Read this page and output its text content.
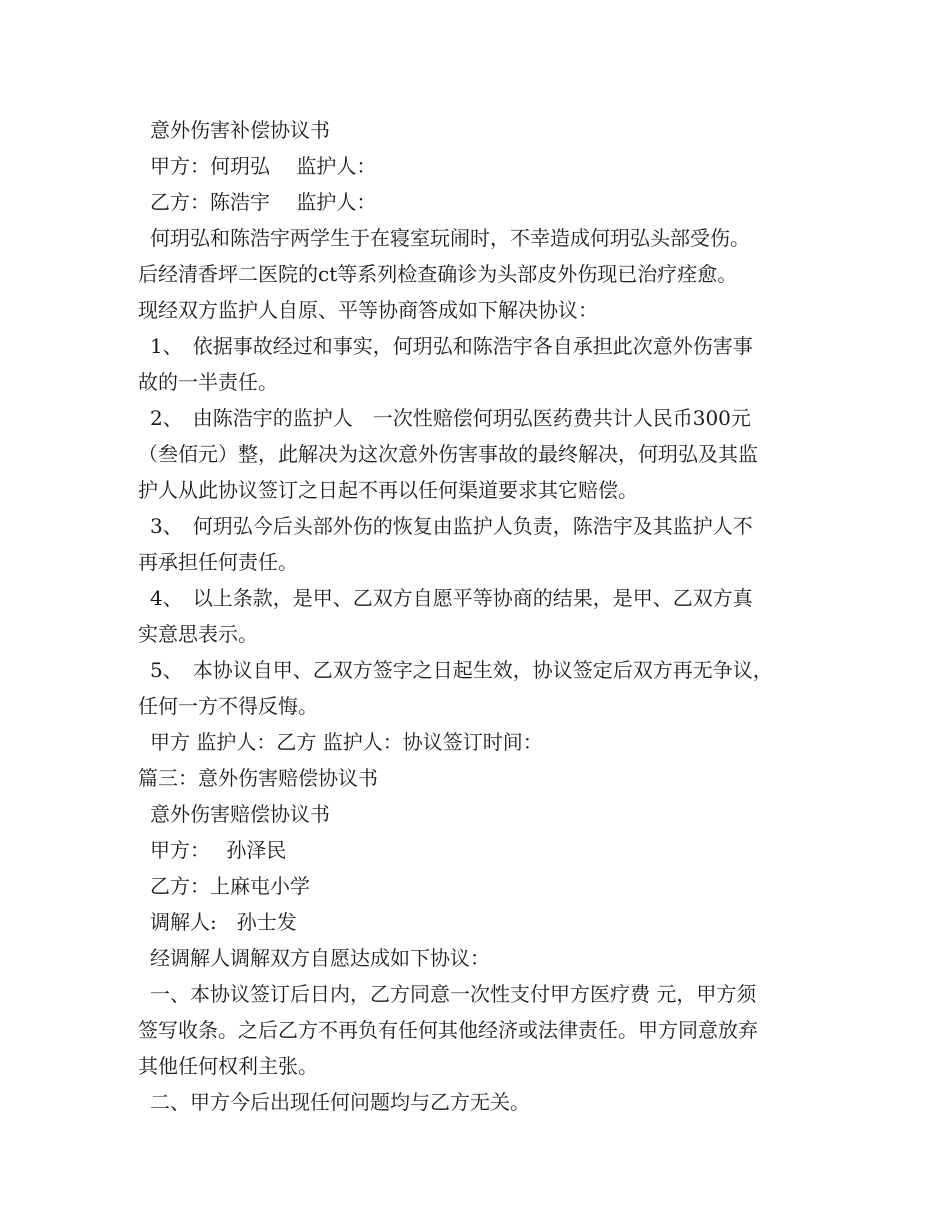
意外伤害补偿协议书
甲方：何玥弘　 监护人：
乙方：陈浩宇　 监护人：
何玥弘和陈浩宇两学生于在寝室玩闹时，不幸造成何玥弘头部受伤。
后经清香坪二医院的ct等系列检查确诊为头部皮外伤现已治疗痊愈。
现经双方监护人自原、平等协商答成如下解决协议：
1、　依据事故经过和事实，何玥弘和陈浩宇各自承担此次意外伤害事
故的一半责任。
2、　由陈浩宇的监护人　一次性赔偿何玥弘医药费共计人民币300元
（叁佰元）整，此解决为这次意外伤害事故的最终解决，何玥弘及其监
护人从此协议签订之日起不再以任何渠道要求其它赔偿。
3、　何玥弘今后头部外伤的恢复由监护人负责，陈浩宇及其监护人不
再承担任何责任。
4、　以上条款，是甲、乙双方自愿平等协商的结果，是甲、乙双方真
实意思表示。
5、　本协议自甲、乙双方签字之日起生效，协议签定后双方再无争议，
任何一方不得反悔。
甲方 监护人：乙方 监护人：协议签订时间：
篇三：意外伤害赔偿协议书
意外伤害赔偿协议书
甲方：　 孙泽民
乙方：上麻屯小学
调解人:　孙士发
经调解人调解双方自愿达成如下协议：
一、本协议签订后日内，乙方同意一次性支付甲方医疗费 元，甲方须
签写收条。之后乙方不再负有任何其他经济或法律责任。甲方同意放弃
其他任何权利主张。
二、甲方今后出现任何问题均与乙方无关。
